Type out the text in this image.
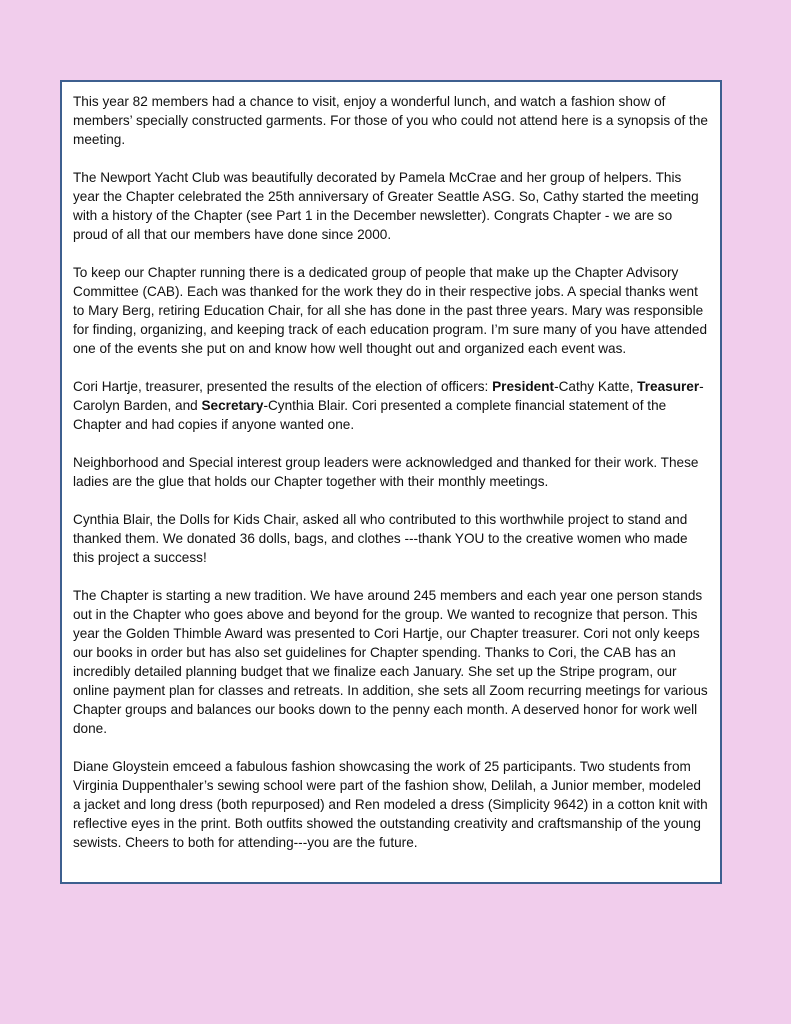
This year 82 members had a chance to visit, enjoy a wonderful lunch, and watch a fashion show of members’ specially constructed garments. For those of you who could not attend here is a synopsis of the meeting.

The Newport Yacht Club was beautifully decorated by Pamela McCrae and her group of helpers. This year the Chapter celebrated the 25th anniversary of Greater Seattle ASG. So, Cathy started the meeting with a history of the Chapter (see Part 1 in the December newsletter). Congrats Chapter - we are so proud of all that our members have done since 2000.

To keep our Chapter running there is a dedicated group of people that make up the Chapter Advisory Committee (CAB). Each was thanked for the work they do in their respective jobs. A special thanks went to Mary Berg, retiring Education Chair, for all she has done in the past three years. Mary was responsible for finding, organizing, and keeping track of each education program. I’m sure many of you have attended one of the events she put on and know how well thought out and organized each event was.

Cori Hartje, treasurer, presented the results of the election of officers: President-Cathy Katte, Treasurer-Carolyn Barden, and Secretary-Cynthia Blair. Cori presented a complete financial statement of the Chapter and had copies if anyone wanted one.

Neighborhood and Special interest group leaders were acknowledged and thanked for their work. These ladies are the glue that holds our Chapter together with their monthly meetings.

Cynthia Blair, the Dolls for Kids Chair, asked all who contributed to this worthwhile project to stand and thanked them. We donated 36 dolls, bags, and clothes ---thank YOU to the creative women who made this project a success!

The Chapter is starting a new tradition. We have around 245 members and each year one person stands out in the Chapter who goes above and beyond for the group. We wanted to recognize that person. This year the Golden Thimble Award was presented to Cori Hartje, our Chapter treasurer. Cori not only keeps our books in order but has also set guidelines for Chapter spending. Thanks to Cori, the CAB has an incredibly detailed planning budget that we finalize each January. She set up the Stripe program, our online payment plan for classes and retreats. In addition, she sets all Zoom recurring meetings for various Chapter groups and balances our books down to the penny each month. A deserved honor for work well done.

Diane Gloystein emceed a fabulous fashion showcasing the work of 25 participants. Two students from Virginia Duppenthaler’s sewing school were part of the fashion show, Delilah, a Junior member, modeled a jacket and long dress (both repurposed) and Ren modeled a dress (Simplicity 9642) in a cotton knit with reflective eyes in the print. Both outfits showed the outstanding creativity and craftsmanship of the young sewists. Cheers to both for attending---you are the future.
